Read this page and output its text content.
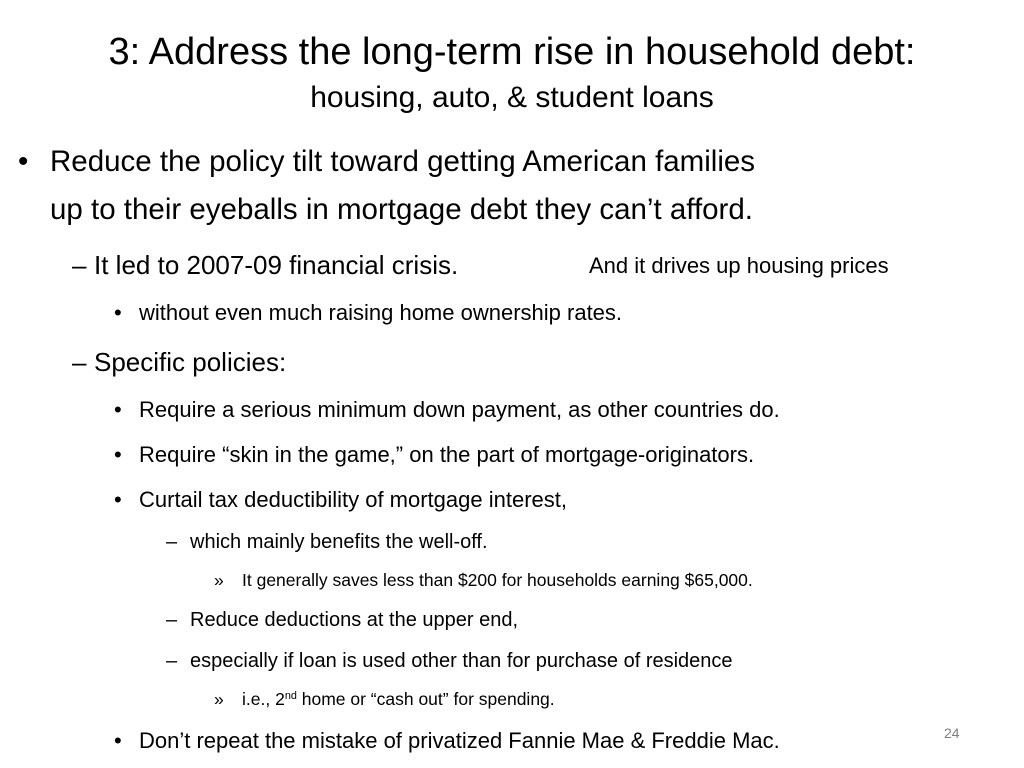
3: Address the long-term rise in household debt:
housing, auto, & student loans
• Reduce the policy tilt toward getting American families
up to their eyeballs in mortgage debt they can’t afford.
– It led to 2007-09 financial crisis.	And it drives up housing prices
• without even much raising home ownership rates.
– Specific policies:
• Require a serious minimum down payment, as other countries do.
• Require “skin in the game,” on the part of mortgage-originators.
• Curtail tax deductibility of mortgage interest,
– which mainly benefits the well-off.
» It generally saves less than $200 for households earning $65,000.
– Reduce deductions at the upper end,
– especially if loan is used other than for purchase of residence
» i.e., 2nd home or “cash out” for spending.
• Don’t repeat the mistake of privatized Fannie Mae & Freddie Mac.	24
